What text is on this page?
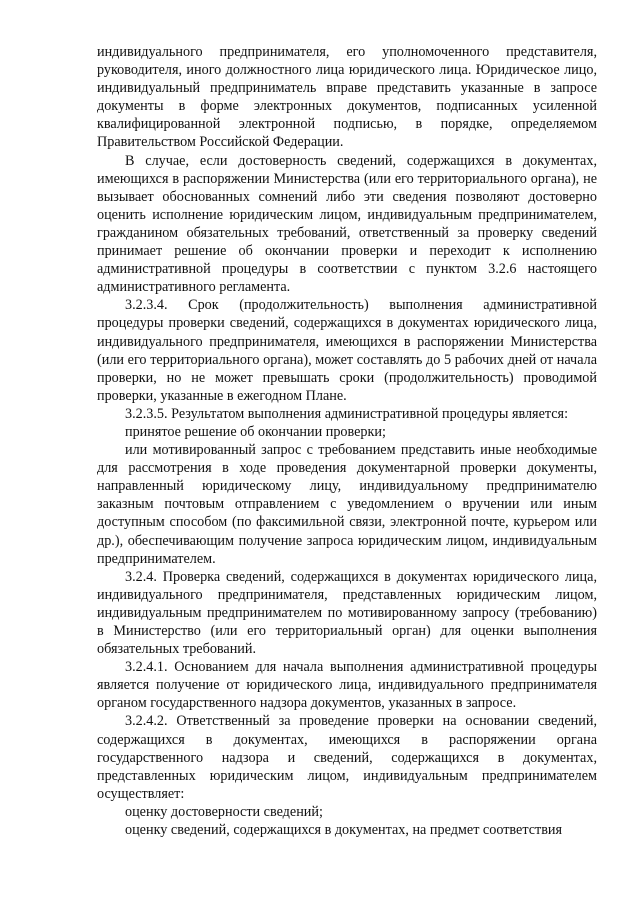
индивидуального предпринимателя, его уполномоченного представителя, руководителя, иного должностного лица юридического лица. Юридическое лицо, индивидуальный предприниматель вправе представить указанные в запросе документы в форме электронных документов, подписанных усиленной квалифицированной электронной подписью, в порядке, определяемом Правительством Российской Федерации.

В случае, если достоверность сведений, содержащихся в документах, имеющихся в распоряжении Министерства (или его территориального органа), не вызывает обоснованных сомнений либо эти сведения позволяют достоверно оценить исполнение юридическим лицом, индивидуальным предпринимателем, гражданином обязательных требований, ответственный за проверку сведений принимает решение об окончании проверки и переходит к исполнению административной процедуры в соответствии с пунктом 3.2.6 настоящего административного регламента.

3.2.3.4. Срок (продолжительность) выполнения административной процедуры проверки сведений, содержащихся в документах юридического лица, индивидуального предпринимателя, имеющихся в распоряжении Министерства (или его территориального органа), может составлять до 5 рабочих дней от начала проверки, но не может превышать сроки (продолжительность) проводимой проверки, указанные в ежегодном Плане.

3.2.3.5. Результатом выполнения административной процедуры является:

принятое решение об окончании проверки;

или мотивированный запрос с требованием представить иные необходимые для рассмотрения в ходе проведения документарной проверки документы, направленный юридическому лицу, индивидуальному предпринимателю заказным почтовым отправлением с уведомлением о вручении или иным доступным способом (по факсимильной связи, электронной почте, курьером или др.), обеспечивающим получение запроса юридическим лицом, индивидуальным предпринимателем.

3.2.4. Проверка сведений, содержащихся в документах юридического лица, индивидуального предпринимателя, представленных юридическим лицом, индивидуальным предпринимателем по мотивированному запросу (требованию) в Министерство (или его территориальный орган) для оценки выполнения обязательных требований.

3.2.4.1. Основанием для начала выполнения административной процедуры является получение от юридического лица, индивидуального предпринимателя органом государственного надзора документов, указанных в запросе.

3.2.4.2. Ответственный за проведение проверки на основании сведений, содержащихся в документах, имеющихся в распоряжении органа государственного надзора и сведений, содержащихся в документах, представленных юридическим лицом, индивидуальным предпринимателем осуществляет:

оценку достоверности сведений;

оценку сведений, содержащихся в документах, на предмет соответствия
